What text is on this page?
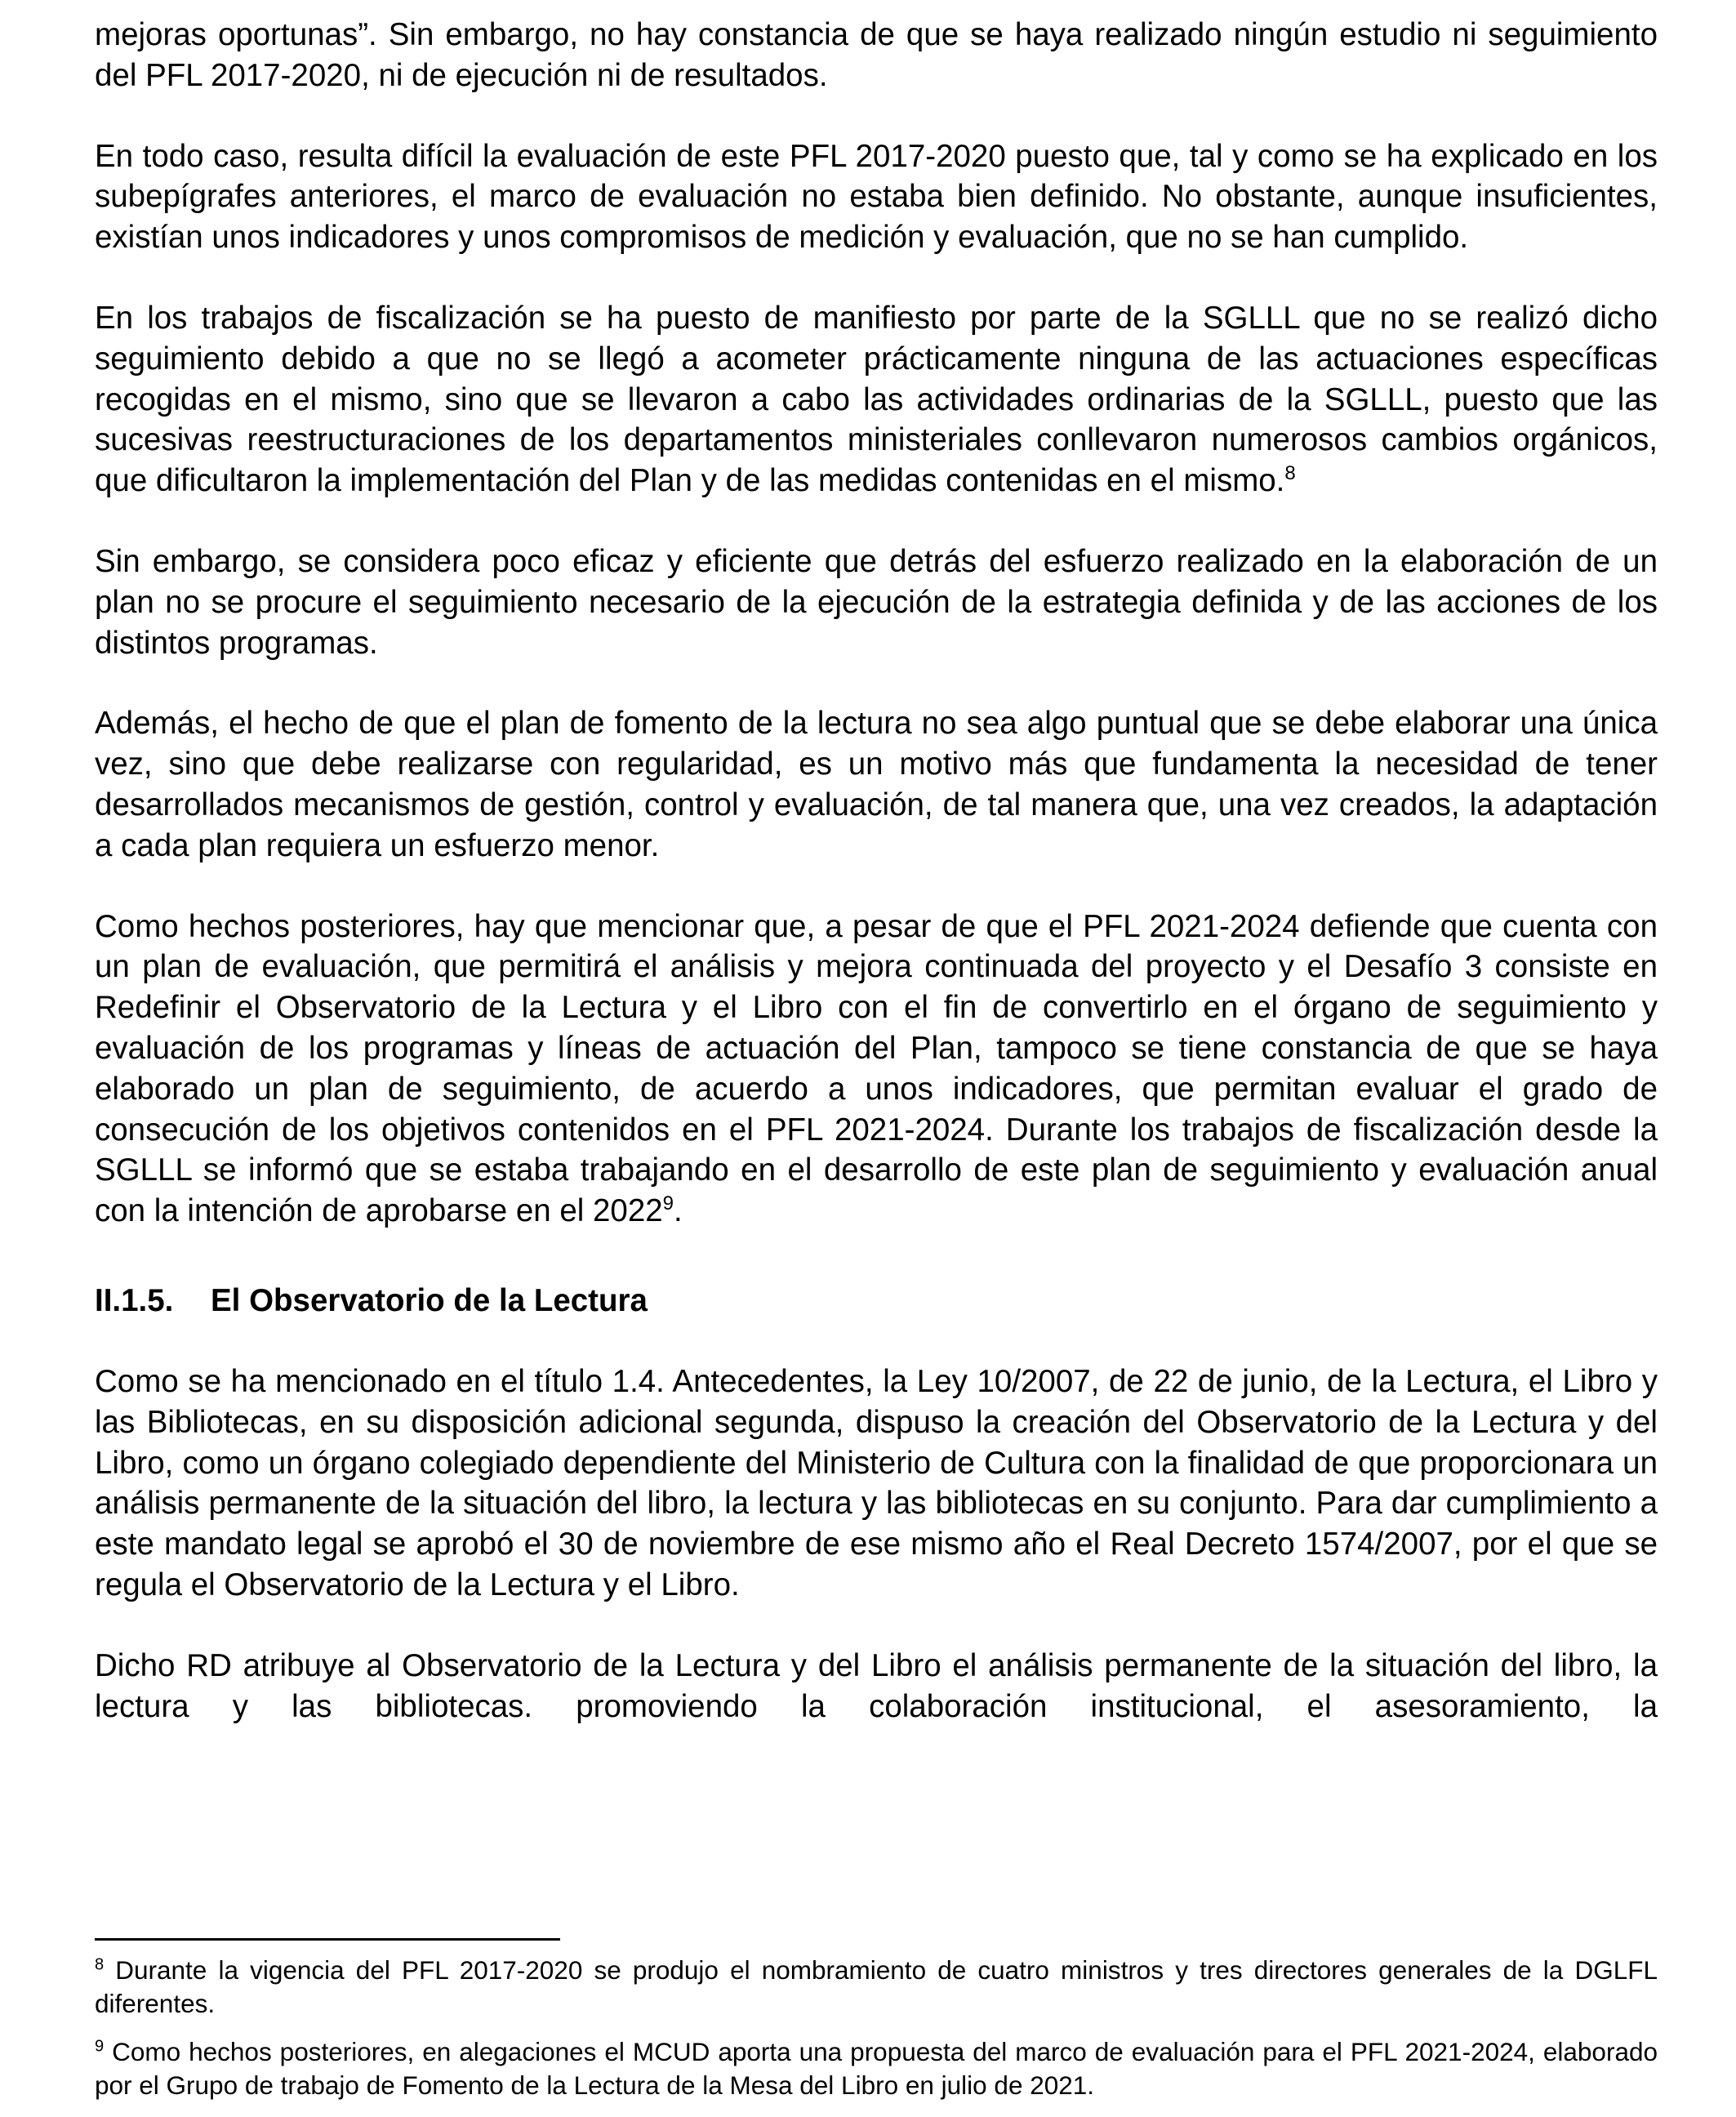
mejoras oportunas”. Sin embargo, no hay constancia de que se haya realizado ningún estudio ni seguimiento del PFL 2017-2020, ni de ejecución ni de resultados.

En todo caso, resulta difícil la evaluación de este PFL 2017-2020 puesto que, tal y como se ha explicado en los subepígrafes anteriores, el marco de evaluación no estaba bien definido. No obstante, aunque insuficientes, existían unos indicadores y unos compromisos de medición y evaluación, que no se han cumplido.

En los trabajos de fiscalización se ha puesto de manifiesto por parte de la SGLLL que no se realizó dicho seguimiento debido a que no se llegó a acometer prácticamente ninguna de las actuaciones específicas recogidas en el mismo, sino que se llevaron a cabo las actividades ordinarias de la SGLLL, puesto que las sucesivas reestructuraciones de los departamentos ministeriales conllevaron numerosos cambios orgánicos, que dificultaron la implementación del Plan y de las medidas contenidas en el mismo.$^8$

Sin embargo, se considera poco eficaz y eficiente que detrás del esfuerzo realizado en la elaboración de un plan no se procure el seguimiento necesario de la ejecución de la estrategia definida y de las acciones de los distintos programas.

Además, el hecho de que el plan de fomento de la lectura no sea algo puntual que se debe elaborar una única vez, sino que debe realizarse con regularidad, es un motivo más que fundamenta la necesidad de tener desarrollados mecanismos de gestión, control y evaluación, de tal manera que, una vez creados, la adaptación a cada plan requiera un esfuerzo menor.

Como hechos posteriores, hay que mencionar que, a pesar de que el PFL 2021-2024 defiende que cuenta con un plan de evaluación, que permitirá el análisis y mejora continuada del proyecto y el Desafío 3 consiste en Redefinir el Observatorio de la Lectura y el Libro con el fin de convertirlo en el órgano de seguimiento y evaluación de los programas y líneas de actuación del Plan, tampoco se tiene constancia de que se haya elaborado un plan de seguimiento, de acuerdo a unos indicadores, que permitan evaluar el grado de consecución de los objetivos contenidos en el PFL 2021-2024. Durante los trabajos de fiscalización desde la SGLLL se informó que se estaba trabajando en el desarrollo de este plan de seguimiento y evaluación anual con la intención de aprobarse en el 2022$^9$.

II.1.5. El Observatorio de la Lectura

Como se ha mencionado en el título 1.4. Antecedentes, la Ley 10/2007, de 22 de junio, de la Lectura, el Libro y las Bibliotecas, en su disposición adicional segunda, dispuso la creación del Observatorio de la Lectura y del Libro, como un órgano colegiado dependiente del Ministerio de Cultura con la finalidad de que proporcionara un análisis permanente de la situación del libro, la lectura y las bibliotecas en su conjunto. Para dar cumplimiento a este mandato legal se aprobó el 30 de noviembre de ese mismo año el Real Decreto 1574/2007, por el que se regula el Observatorio de la Lectura y el Libro.

Dicho RD atribuye al Observatorio de la Lectura y del Libro el análisis permanente de la situación del libro, la lectura y las bibliotecas. promoviendo la colaboración institucional, el asesoramiento, la

$^8$ Durante la vigencia del PFL 2017-2020 se produjo el nombramiento de cuatro ministros y tres directores generales de la DGLFL diferentes.

$^9$ Como hechos posteriores, en alegaciones el MCUD aporta una propuesta del marco de evaluación para el PFL 2021-2024, elaborado por el Grupo de trabajo de Fomento de la Lectura de la Mesa del Libro en julio de 2021.
